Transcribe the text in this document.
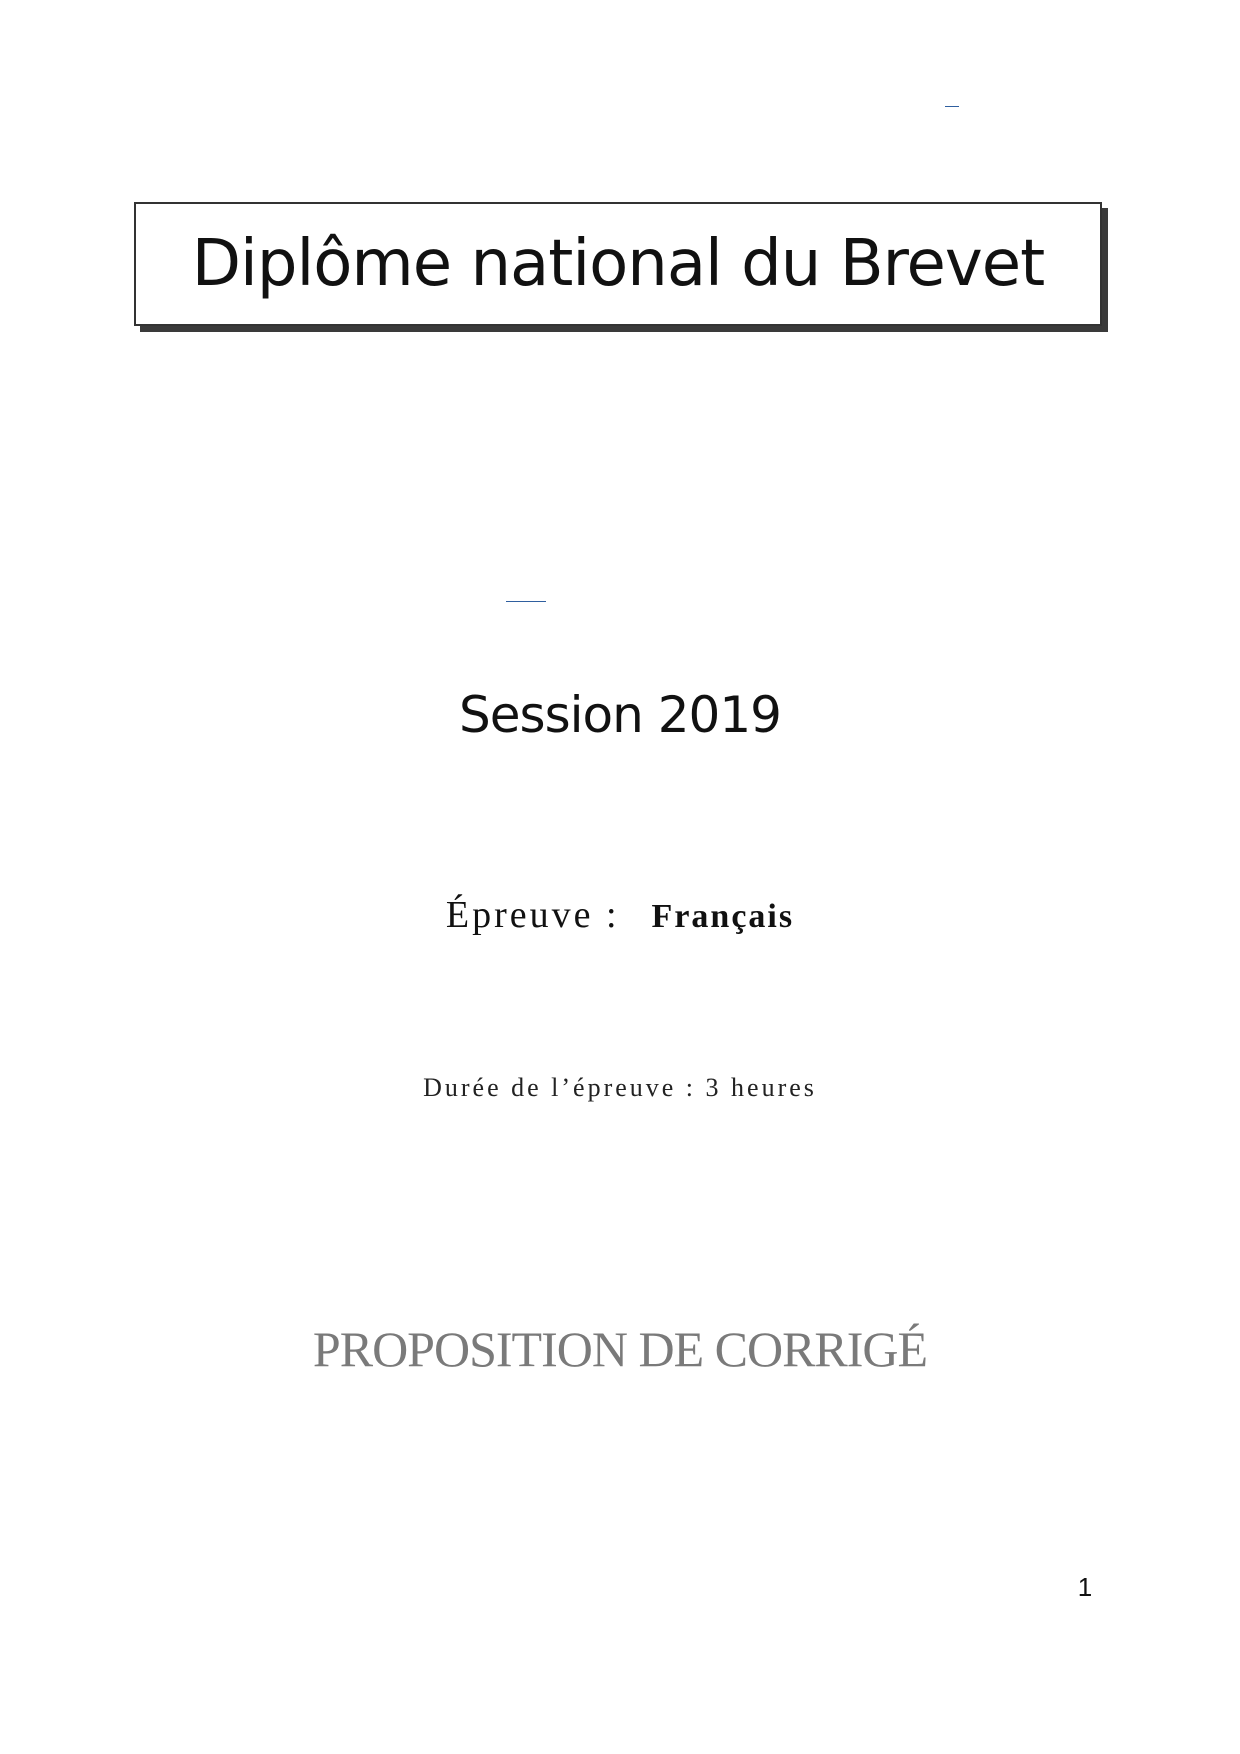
Diplôme national du Brevet
Session 2019
Épreuve : Français
Durée de l’épreuve : 3 heures
PROPOSITION DE CORRIGÉ
1
